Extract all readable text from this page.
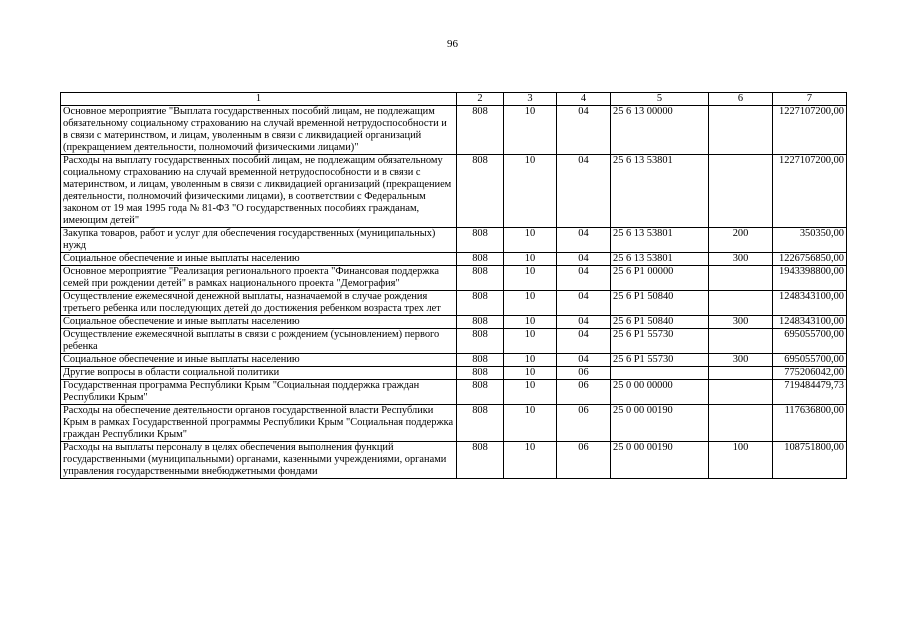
96
1	2	3	4	5	6	7
Основное мероприятие "Выплата государственных пособий лицам, не подлежащим обязательному социальному страхованию на случай временной нетрудоспособности и в связи с материнством, и лицам, уволенным в связи с ликвидацией организаций (прекращением деятельности, полномочий физическими лицами)"	808	10	04	25 6 13 00000		1227107200,00
Расходы на выплату государственных пособий лицам, не подлежащим обязательному социальному страхованию на случай временной нетрудоспособности и в связи с материнством, и лицам, уволенным в связи с ликвидацией организаций (прекращением деятельности, полномочий физическими лицами), в соответствии с Федеральным законом от 19 мая 1995 года № 81-ФЗ "О государственных пособиях гражданам, имеющим детей"	808	10	04	25 6 13 53801		1227107200,00
Закупка товаров, работ и услуг для обеспечения государственных (муниципальных) нужд	808	10	04	25 6 13 53801	200	350350,00
Социальное обеспечение и иные выплаты населению	808	10	04	25 6 13 53801	300	1226756850,00
Основное мероприятие "Реализация регионального проекта "Финансовая поддержка семей при рождении детей" в рамках национального проекта "Демография"	808	10	04	25 6 P1 00000		1943398800,00
Осуществление ежемесячной денежной выплаты, назначаемой в случае рождения третьего ребенка или последующих детей до достижения ребенком возраста трех лет	808	10	04	25 6 P1 50840		1248343100,00
Социальное обеспечение и иные выплаты населению	808	10	04	25 6 P1 50840	300	1248343100,00
Осуществление ежемесячной выплаты в связи с рождением (усыновлением) первого ребенка	808	10	04	25 6 P1 55730		695055700,00
Социальное обеспечение и иные выплаты населению	808	10	04	25 6 P1 55730	300	695055700,00
Другие вопросы в области социальной политики	808	10	06			775206042,00
Государственная программа Республики Крым "Социальная поддержка граждан Республики Крым"	808	10	06	25 0 00 00000		719484479,73
Расходы на обеспечение деятельности органов государственной власти Республики Крым в рамках Государственной программы Республики Крым "Социальная поддержка граждан Республики Крым"	808	10	06	25 0 00 00190		117636800,00
Расходы на выплаты персоналу в целях обеспечения выполнения функций государственными (муниципальными) органами, казенными учреждениями, органами управления государственными внебюджетными фондами	808	10	06	25 0 00 00190	100	108751800,00
